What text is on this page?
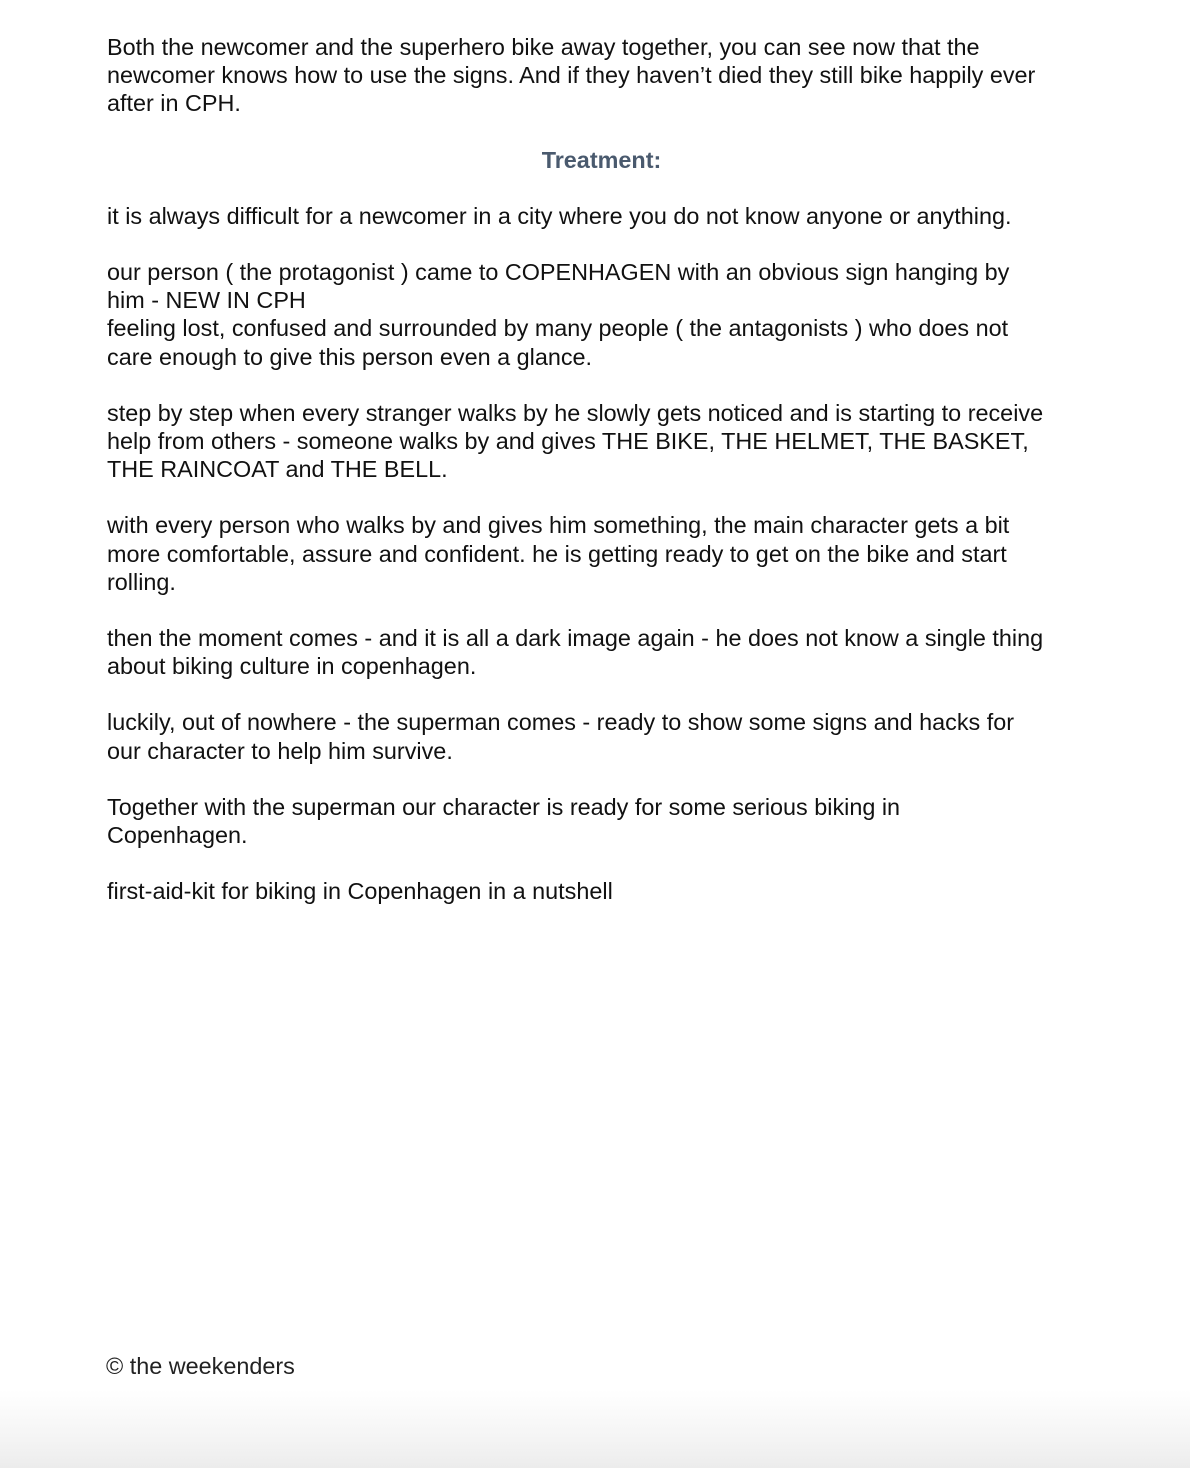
Both the newcomer and the superhero bike away together, you can see now that the
newcomer knows how to use the signs. And if they haven’t died they still bike happily ever
after in CPH.

Treatment:

it is always difficult for a newcomer in a city where you do not know anyone or anything.

our person ( the protagonist ) came to COPENHAGEN with an obvious sign hanging by
him - NEW IN CPH
feeling lost, confused and surrounded by many people ( the antagonists ) who does not
care enough to give this person even a glance.

step by step when every stranger walks by he slowly gets noticed and is starting to receive
help from others - someone walks by and gives THE BIKE, THE HELMET, THE BASKET,
THE RAINCOAT and THE BELL.

with every person who walks by and gives him something, the main character gets a bit
more comfortable, assure and confident. he is getting ready to get on the bike and start
rolling.

then the moment comes - and it is all a dark image again - he does not know a single thing
about biking culture in copenhagen.

luckily, out of nowhere - the superman comes - ready to show some signs and hacks for
our character to help him survive.

Together with the superman our character is ready for some serious biking in
Copenhagen.

first-aid-kit for biking in Copenhagen in a nutshell

© the weekenders
